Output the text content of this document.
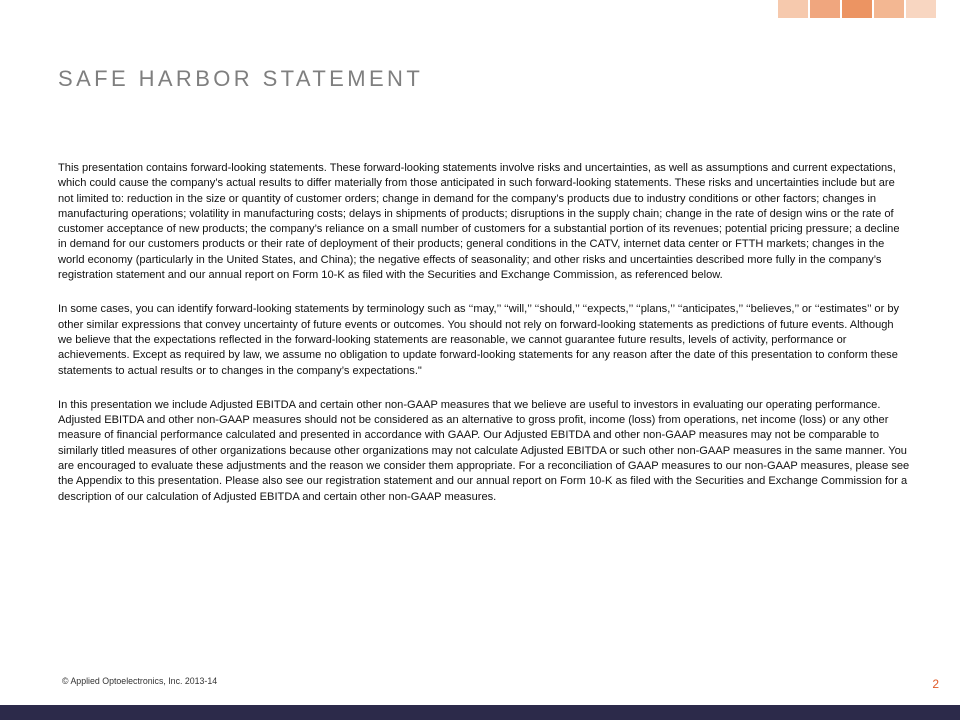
SAFE HARBOR STATEMENT

This presentation contains forward-looking statements. These forward-looking statements involve risks and uncertainties, as well as assumptions and current expectations, which could cause the company’s actual results to differ materially from those anticipated in such forward-looking statements. These risks and uncertainties include but are not limited to: reduction in the size or quantity of customer orders; change in demand for the company’s products due to industry conditions or other factors; changes in manufacturing operations; volatility in manufacturing costs; delays in shipments of products; disruptions in the supply chain; change in the rate of design wins or the rate of customer acceptance of new products; the company’s reliance on a small number of customers for a substantial portion of its revenues; potential pricing pressure; a decline in demand for our customers products or their rate of deployment of their products; general conditions in the CATV, internet data center or FTTH markets; changes in the world economy (particularly in the United States, and China); the negative effects of seasonality; and other risks and uncertainties described more fully in the company’s registration statement and our annual report on Form 10-K as filed with the Securities and Exchange Commission, as referenced below.

In some cases, you can identify forward-looking statements by terminology such as ‘‘may,’’ ‘‘will,’’ ‘‘should,’’ ‘‘expects,’’ ‘‘plans,’’ ‘‘anticipates,’’ ‘‘believes,’’ or ‘‘estimates’’ or by other similar expressions that convey uncertainty of future events or outcomes. You should not rely on forward-looking statements as predictions of future events. Although we believe that the expectations reflected in the forward-looking statements are reasonable, we cannot guarantee future results, levels of activity, performance or achievements. Except as required by law, we assume no obligation to update forward-looking statements for any reason after the date of this presentation to conform these statements to actual results or to changes in the company’s expectations."

In this presentation we include Adjusted EBITDA and certain other non-GAAP measures that we believe are useful to investors in evaluating our operating performance. Adjusted EBITDA and other non-GAAP measures should not be considered as an alternative to gross profit, income (loss) from operations, net income (loss) or any other measure of financial performance calculated and presented in accordance with GAAP. Our Adjusted EBITDA and other non-GAAP measures may not be comparable to similarly titled measures of other organizations because other organizations may not calculate Adjusted EBITDA or such other non-GAAP measures in the same manner. You are encouraged to evaluate these adjustments and the reason we consider them appropriate. For a reconciliation of GAAP measures to our non-GAAP measures, please see the Appendix to this presentation. Please also see our registration statement and our annual report on Form 10-K as filed with the Securities and Exchange Commission for a description of our calculation of Adjusted EBITDA and certain other non-GAAP measures.

© Applied Optoelectronics, Inc. 2013-14	2
